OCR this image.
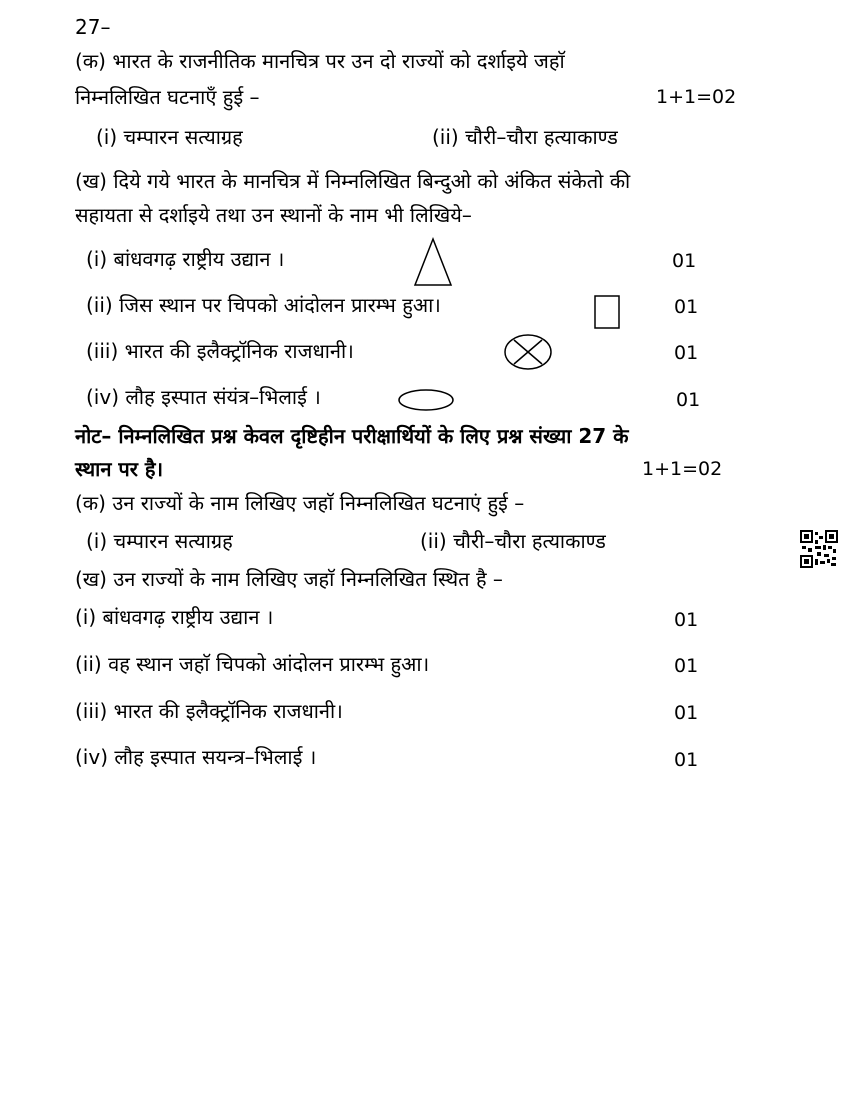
27–
(क) भारत के राजनीतिक मानचित्र पर उन दो राज्यों को दर्शाइये जहाॅ
निम्नलिखित घटनाएँ हुई –	1+1=02
(i) चम्पारन सत्याग्रह	(ii) चौरी–चौरा हत्याकाण्ड
(ख) दिये गये भारत के मानचित्र में निम्नलिखित बिन्दुओ को अंकित संकेतो की
सहायता से दर्शाइये तथा उन स्थानों के नाम भी लिखिये–
(i) बांधवगढ़ राष्ट्रीय उद्यान ।	01
(ii) जिस स्थान पर चिपको आंदोलन प्रारम्भ हुआ।	01
(iii) भारत की इलैक्ट्रॉनिक राजधानी।	01
(iv) लौह इस्पात संयंत्र–भिलाई ।	01
नोट– निम्नलिखित प्रश्न केवल दृष्टिहीन परीक्षार्थियों के लिए प्रश्न संख्या 27 के
स्थान पर है।	1+1=02
(क) उन राज्यों के नाम लिखिए जहाॅ निम्नलिखित घटनाएं हुई –
(i) चम्पारन सत्याग्रह	(ii) चौरी–चौरा हत्याकाण्ड
(ख) उन राज्यों के नाम लिखिए जहाॅ निम्नलिखित स्थित है –
(i) बांधवगढ़ राष्ट्रीय उद्यान ।	01
(ii) वह स्थान जहाॅ चिपको आंदोलन प्रारम्भ हुआ।	01
(iii) भारत की इलैक्ट्रॉनिक राजधानी।	01
(iv) लौह इस्पात सयन्त्र–भिलाई ।	01
